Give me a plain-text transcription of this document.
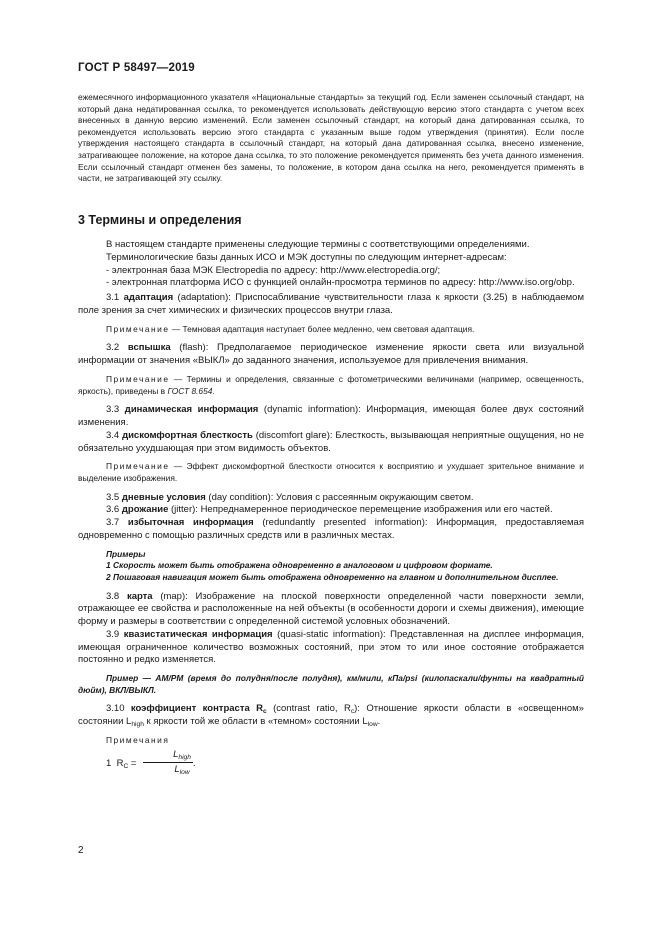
ГОСТ Р 58497—2019

ежемесячного информационного указателя «Национальные стандарты» за текущий год. Если заменен ссылочный стандарт, на который дана недатированная ссылка, то рекомендуется использовать действующую версию этого стандарта с учетом всех внесенных в данную версию изменений. Если заменен ссылочный стандарт, на который дана датированная ссылка, то рекомендуется использовать версию этого стандарта с указанным выше годом утверждения (принятия). Если после утверждения настоящего стандарта в ссылочный стандарт, на который дана датированная ссылка, внесено изменение, затрагивающее положение, на которое дана ссылка, то это положение рекомендуется применять без учета данного изменения. Если ссылочный стандарт отменен без замены, то положение, в котором дана ссылка на него, рекомендуется применять в части, не затрагивающей эту ссылку.

3 Термины и определения

В настоящем стандарте применены следующие термины с соответствующими определениями.

Терминологические базы данных ИСО и МЭК доступны по следующим интернет-адресам:

- электронная база МЭК Electropedia по адресу: http://www.electropedia.org/;

- электронная платформа ИСО с функцией онлайн-просмотра терминов по адресу: http://www.iso.org/obp.

3.1 адаптация (adaptation): Приспосабливание чувствительности глаза к яркости (3.25) в наблюдаемом поле зрения за счет химических и физических процессов внутри глаза.

Примечание — Темновая адаптация наступает более медленно, чем световая адаптация.

3.2 вспышка (flash): Предполагаемое периодическое изменение яркости света или визуальной информации от значения «ВЫКЛ» до заданного значения, используемое для привлечения внимания.

Примечание — Термины и определения, связанные с фотометрическими величинами (например, освещенность, яркость), приведены в ГОСТ 8.654.

3.3 динамическая информация (dynamic information): Информация, имеющая более двух состояний изменения.

3.4 дискомфортная блесткость (discomfort glare): Блесткость, вызывающая неприятные ощущения, но не обязательно ухудшающая при этом видимость объектов.

Примечание — Эффект дискомфортной блесткости относится к восприятию и ухудшает зрительное внимание и выделение изображения.

3.5 дневные условия (day condition): Условия с рассеянным окружающим светом.

3.6 дрожание (jitter): Непреднамеренное периодическое перемещение изображения или его частей.

3.7 избыточная информация (redundantly presented information): Информация, предоставляемая одновременно с помощью различных средств или в различных местах.

Примеры

1 Скорость может быть отображена одновременно в аналоговом и цифровом формате.

2 Пошаговая навигация может быть отображена одновременно на главном и дополнительном дисплее.

3.8 карта (map): Изображение на плоской поверхности определенной части поверхности земли, отражающее ее свойства и расположенные на ней объекты (в особенности дороги и схемы движения), имеющие форму и размеры в соответствии с определенной системой условных обозначений.

3.9 квазистатическая информация (quasi-static information): Представленная на дисплее информация, имеющая ограниченное количество возможных состояний, при этом то или иное состояние отображается постоянно и редко изменяется.

Пример — AM/PM (время до полудня/после полудня), км/мили, кПа/psi (килопаскали/фунты на квадратный дюйм), ВКЛ/ВЫКЛ.

3.10 коэффициент контраста $R_c$ (contrast ratio, $R_c$): Отношение яркости области в «освещенном» состоянии $L_{high}$ к яркости той же области в «темном» состоянии $L_{low}$.

Примечания

1 $R_C = \frac{L_{high}}{L_{low}}$ .

2
